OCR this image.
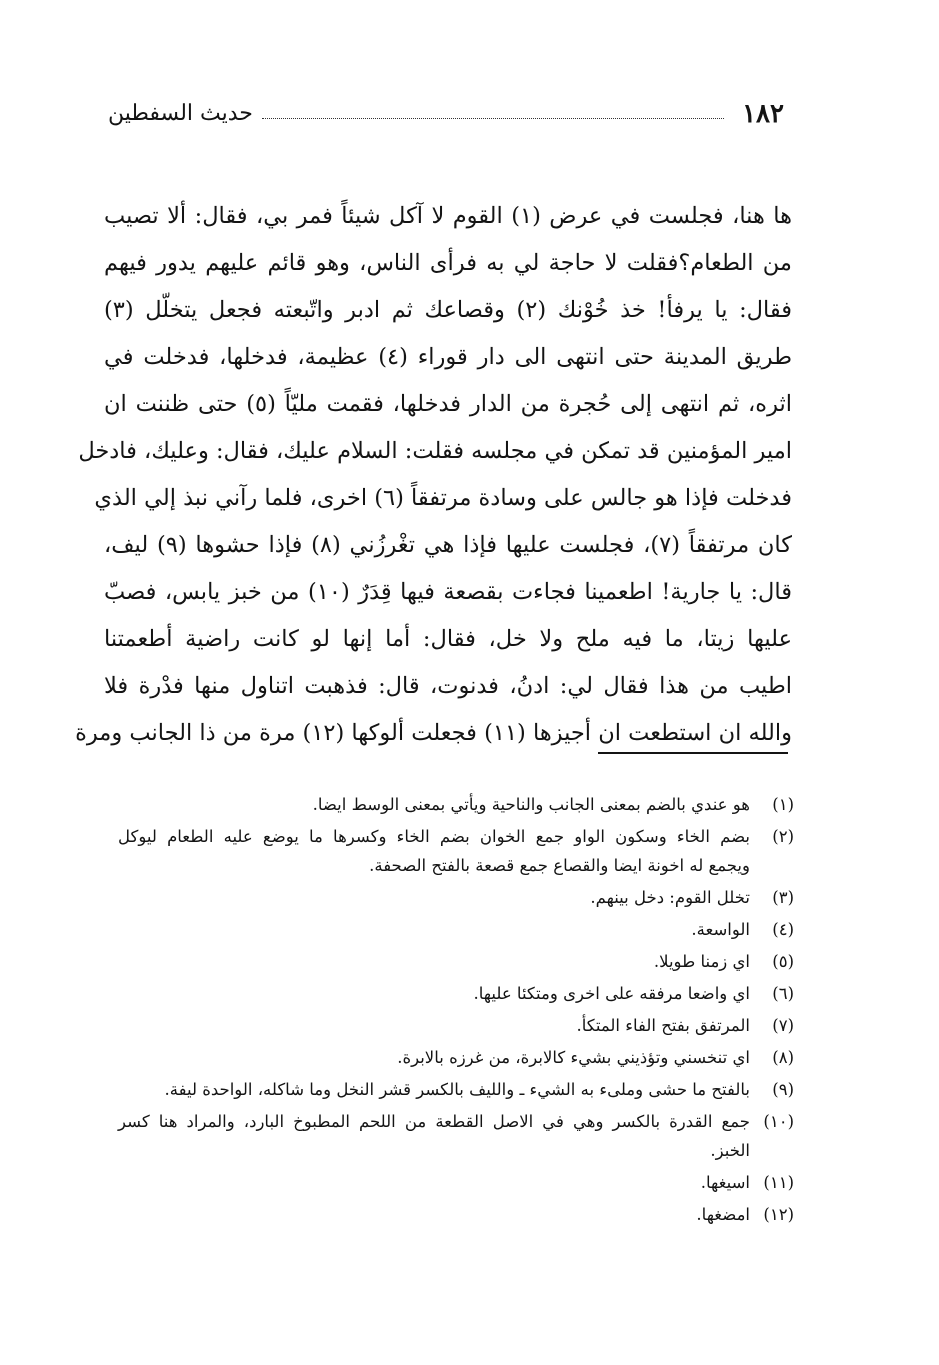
١٨٢
حديث السفطين
ها هنا، فجلست في عرض (١) القوم لا آكل شيئاً فمر بي، فقال: ألا تصيب
من الطعام؟فقلت لا حاجة لي به فرأى الناس، وهو قائم عليهم يدور فيهم
فقال: يا يرفأ! خذ خُوْنك (٢) وقصاعك ثم ادبر واتّبعته فجعل يتخلّل (٣)
طريق المدينة حتى انتهى الى دار قوراء (٤) عظيمة، فدخلها، فدخلت في
اثره، ثم انتهى إلى حُجرة من الدار فدخلها، فقمت مليّاً (٥) حتى ظننت ان
امير المؤمنين قد تمكن في مجلسه فقلت: السلام عليك، فقال: وعليك، فادخل
فدخلت فإذا هو جالس على وسادة مرتفقاً (٦) اخرى، فلما رآني نبذ إلي الذي
كان مرتفقاً (٧)، فجلست عليها فإذا هي تغْرزُني (٨) فإذا حشوها (٩) ليف،
قال: يا جارية! اطعمينا فجاءت بقصعة فيها قِدَرٌ (١٠) من خبز يابس، فصبّ
عليها زيتا، ما فيه ملح ولا خل، فقال: أما إنها لو كانت راضية أطعمتنا
اطيب من هذا فقال لي: ادنُ، فدنوت، قال: فذهبت اتناول منها فدْرة فلا
والله ان استطعت ان أجيزها (١١) فجعلت ألوكها (١٢) مرة من ذا الجانب ومرة
(١)
هو عندي بالضم بمعنى الجانب والناحية ويأتي بمعنى الوسط ايضا.
(٢)
بضم الخاء وسكون الواو جمع الخوان بضم الخاء وكسرها ما يوضع عليه الطعام ليوكل
ويجمع له اخونة ايضا والقصاع جمع قصعة بالفتح الصحفة.
(٣)
تخلل القوم: دخل بينهم.
(٤)
الواسعة.
(٥)
اي زمنا طويلا.
(٦)
اي واضعا مرفقه على اخرى ومتكئا عليها.
(٧)
المرتفق بفتح الفاء المتكأ.
(٨)
اي تنخسني وتؤذيني بشيء كالابرة، من غرزه بالابرة.
(٩)
بالفتح ما حشى وملىء به الشيء ـ والليف بالكسر قشر النخل وما شاكله، الواحدة ليفة.
(١٠)
جمع القدرة بالكسر وهي في الاصل القطعة من اللحم المطبوخ البارد، والمراد هنا كسر
الخبز.
(١١)
اسيغها.
(١٢)
امضغها.
